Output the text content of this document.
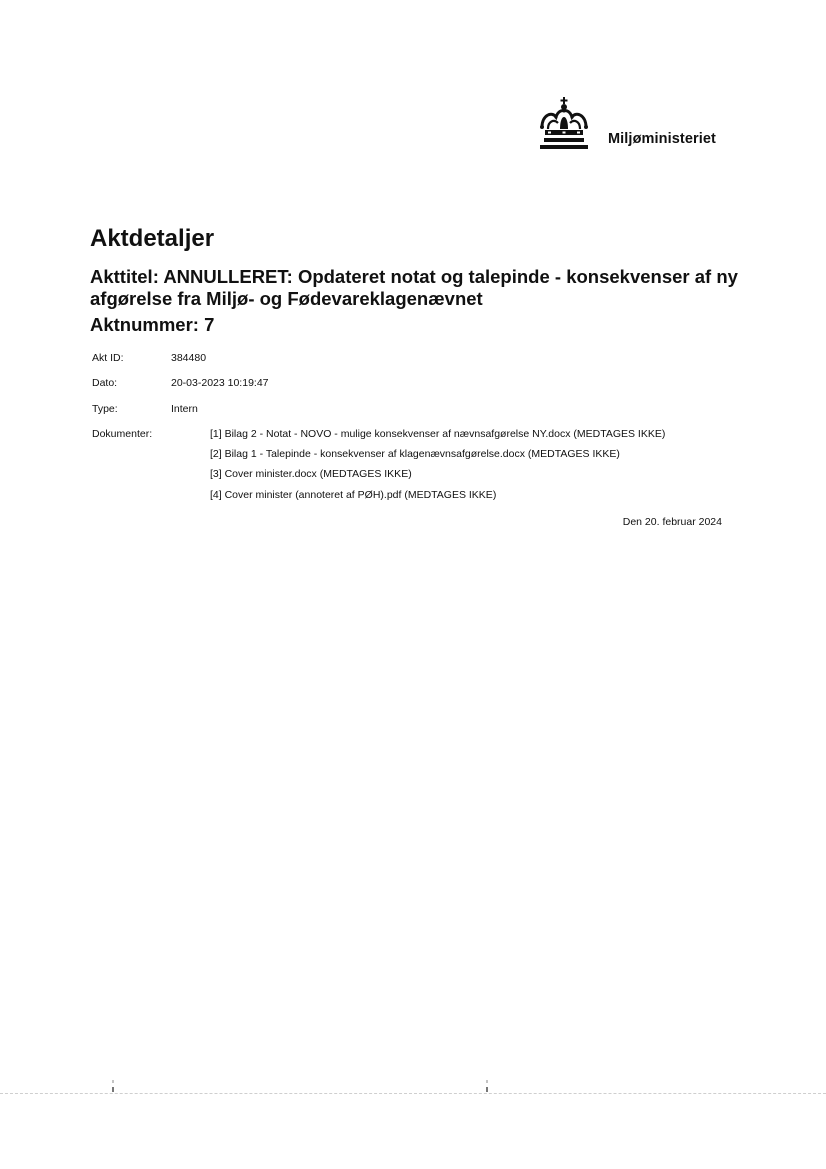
Miljøministeriet
Aktdetaljer
Akttitel: ANNULLERET: Opdateret notat og talepinde - konsekvenser af ny afgørelse fra Miljø- og Fødevareklagenævnet
Aktnummer: 7
Akt ID:	384480
Dato:	20-03-2023 10:19:47
Type:	Intern
Dokumenter:	[1] Bilag 2 - Notat - NOVO - mulige konsekvenser af nævnsafgørelse NY.docx (MEDTAGES IKKE)
[2] Bilag 1 - Talepinde - konsekvenser af klagenævnsafgørelse.docx (MEDTAGES IKKE)
[3] Cover minister.docx (MEDTAGES IKKE)
[4] Cover minister (annoteret af PØH).pdf (MEDTAGES IKKE)
Den 20. februar 2024
